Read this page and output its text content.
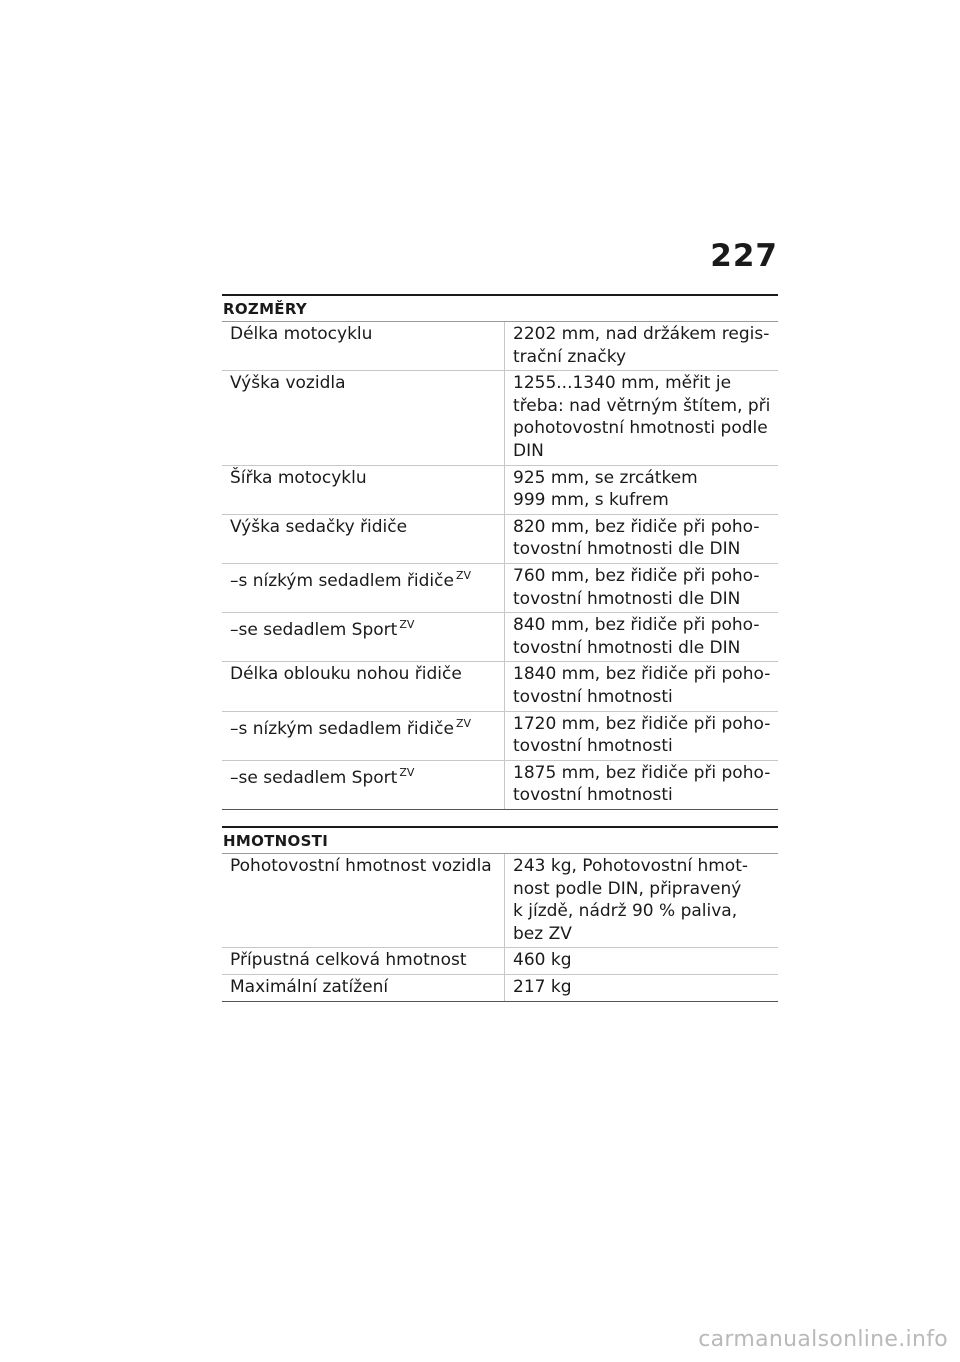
227
ROZMĚRY
Délka motocyklu	2202 mm, nad držákem regis-
trační značky

Výška vozidla	1255...1340 mm, měřit je
třeba: nad větrným štítem, při
pohotovostní hmotnosti podle
DIN

Šířka motocyklu	925 mm, se zrcátkem
999 mm, s kufrem

Výška sedačky řidiče	820 mm, bez řidiče při poho-
tovostní hmotnosti dle DIN

–s nízkým sedadlem řidiče $^{ZV}$	760 mm, bez řidiče při poho-
tovostní hmotnosti dle DIN

–se sedadlem Sport $^{ZV}$	840 mm, bez řidiče při poho-
tovostní hmotnosti dle DIN

Délka oblouku nohou řidiče	1840 mm, bez řidiče při poho-
tovostní hmotnosti

–s nízkým sedadlem řidiče $^{ZV}$	1720 mm, bez řidiče při poho-
tovostní hmotnosti

–se sedadlem Sport $^{ZV}$	1875 mm, bez řidiče při poho-
tovostní hmotnosti
HMOTNOSTI
Pohotovostní hmotnost vozidla	243 kg, Pohotovostní hmot-
nost podle DIN, připravený
k jízdě, nádrž 90 % paliva,
bez ZV

Přípustná celková hmotnost	460 kg

Maximální zatížení	217 kg
carmanualsonline.info
